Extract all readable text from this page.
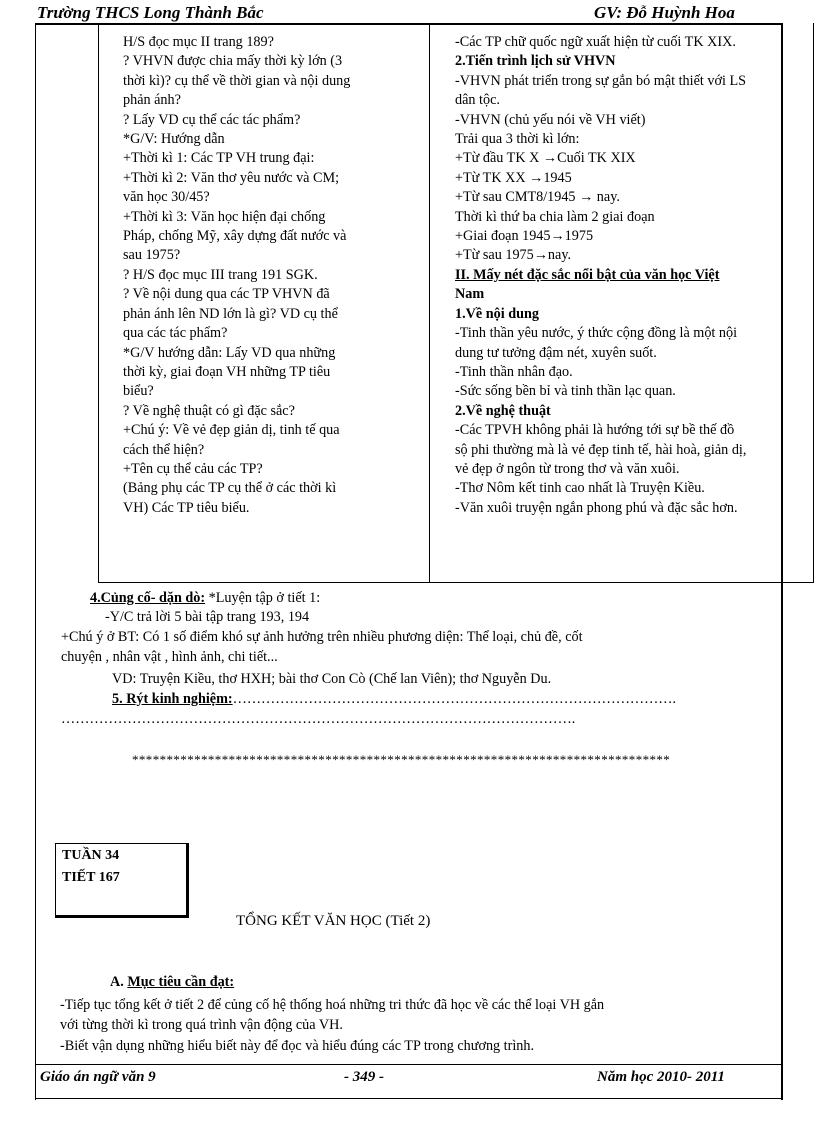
Trường THCS Long Thành Bắc	GV: Đỗ Huỳnh Hoa
H/S đọc mục II trang 189?
? VHVN được chia mấy thời kỳ lớn (3
thời kì)? cụ thể về thời gian và nội dung
phản ánh?
? Lấy VD cụ thể các tác phẩm?
*G/V: Hướng dẫn
+Thời kì 1: Các TP VH trung đại:
+Thời kì 2: Văn thơ yêu nước và CM;
văn học 30/45?
+Thời kì 3: Văn học hiện đại chống
Pháp, chống Mỹ, xây dựng đất nước và
sau 1975?
? H/S đọc mục III trang 191 SGK.
? Về nội dung qua các TP VHVN đã
phản ánh lên ND lớn là gì? VD cụ thể
qua các tác phẩm?
*G/V hướng dẫn: Lấy VD qua những
thời kỳ, giai đoạn VH những TP tiêu
biểu?
? Về nghệ thuật có gì đặc sắc?
+Chú ý: Về vẻ đẹp giản dị, tinh tế qua
cách thể hiện?
+Tên cụ thể cảu các TP?
(Bảng phụ các TP cụ thể ở các thời kì
VH) Các TP tiêu biểu.
-Các TP chữ quốc ngữ xuất hiện từ cuối TK XIX.
2.Tiến trình lịch sử VHVN
-VHVN phát triển trong sự gắn bó mật thiết với LS
dân tộc.
-VHVN (chủ yếu nói về VH viết)
Trải qua 3 thời kì lớn:
+Từ đầu TK X →Cuối TK XIX
+Từ TK XX →1945
+Từ sau CMT8/1945 → nay.
Thời kì thứ ba chia làm 2 giai đoạn
+Giai đoạn 1945→1975
+Từ sau 1975→nay.
II. Mấy nét đặc sắc nổi bật của văn học Việt
Nam
1.Về nội dung
-Tinh thần yêu nước, ý thức cộng đồng là một nội
dung tư tưởng đậm nét, xuyên suốt.
-Tinh thần nhân đạo.
-Sức sống bền bỉ và tinh thần lạc quan.
2.Về nghệ thuật
-Các TPVH không phải là hướng tới sự bề thế đồ
sộ phi thường mà là vẻ đẹp tinh tế, hài hoà, giản dị,
vẻ đẹp ở ngôn từ trong thơ và văn xuôi.
-Thơ Nôm kết tinh cao nhất là Truyện Kiều.
-Văn xuôi truyện ngắn phong phú và đặc sắc hơn.
4.Củng cố- dặn dò: *Luyện tập ở tiết 1:
-Y/C trả lời 5 bài tập trang 193, 194
+Chú ý ở BT: Có 1 số điểm khó sự ảnh hưởng trên nhiều phương diện: Thể loại, chủ đề, cốt
chuyện , nhân vật , hình ảnh, chi tiết...
VD: Truyện Kiều, thơ HXH; bài thơ Con Cò (Chế lan Viên); thơ Nguyễn Du.
5. Rýt kinh nghiệm:………………………………………………………………………………….
……………………………………………………………………………………………….
******************************************************************************
TUẦN 34
TIẾT 167
TỔNG KẾT VĂN HỌC (Tiết 2)
A. Mục tiêu cần đạt:
-Tiếp tục tổng kết ở tiết 2 để củng cố hệ thống hoá những tri thức đã học về các thể loại VH gắn
với từng thời kì trong quá trình vận động của VH.
-Biết vận dụng những hiểu biết này để đọc và hiểu đúng các TP trong chương trình.
Giáo án ngữ văn 9	- 349 -	Năm học 2010- 2011
